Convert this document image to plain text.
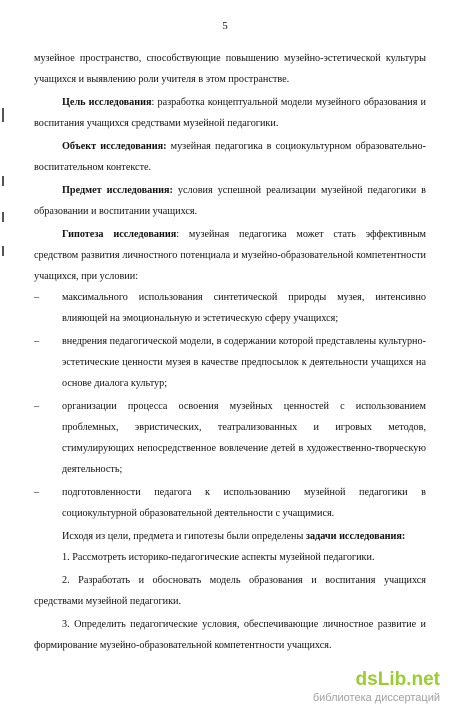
5

музейное пространство, способствующие повышению музейно-эстетической культуры учащихся и выявлению роли учителя в этом пространстве.

Цель исследования: разработка концептуальной модели музейного образования и воспитания учащихся средствами музейной педагогики.

Объект исследования: музейная педагогика в социокультурном образовательно-воспитательном контексте.

Предмет исследования: условия успешной реализации музейной педагогики в образовании и воспитании учащихся.

Гипотеза исследования: музейная педагогика может стать эффективным средством развития личностного потенциала и музейно-образовательной компетентности учащихся, при условии:

– максимального использования синтетической природы музея, интенсивно влияющей на эмоциональную и эстетическую сферу учащихся;

– внедрения педагогической модели, в содержании которой представлены культурно-эстетические ценности музея в качестве предпосылок к деятельности учащихся на основе диалога культур;

– организации процесса освоения музейных ценностей с использованием проблемных, эвристических, театрализованных и игровых методов, стимулирующих непосредственное вовлечение детей в художественно-творческую деятельность;

– подготовленности педагога к использованию музейной педагогики в социокультурной образовательной деятельности с учащимися.

Исходя из цели, предмета и гипотезы были определены задачи исследования:

1. Рассмотреть историко-педагогические аспекты музейной педагогики.

2. Разработать и обосновать модель образования и воспитания учащихся средствами музейной педагогики.

3. Определить педагогические условия, обеспечивающие личностное развитие и формирование музейно-образовательной компетентности учащихся.

dsLib.net
библиотека диссертаций
